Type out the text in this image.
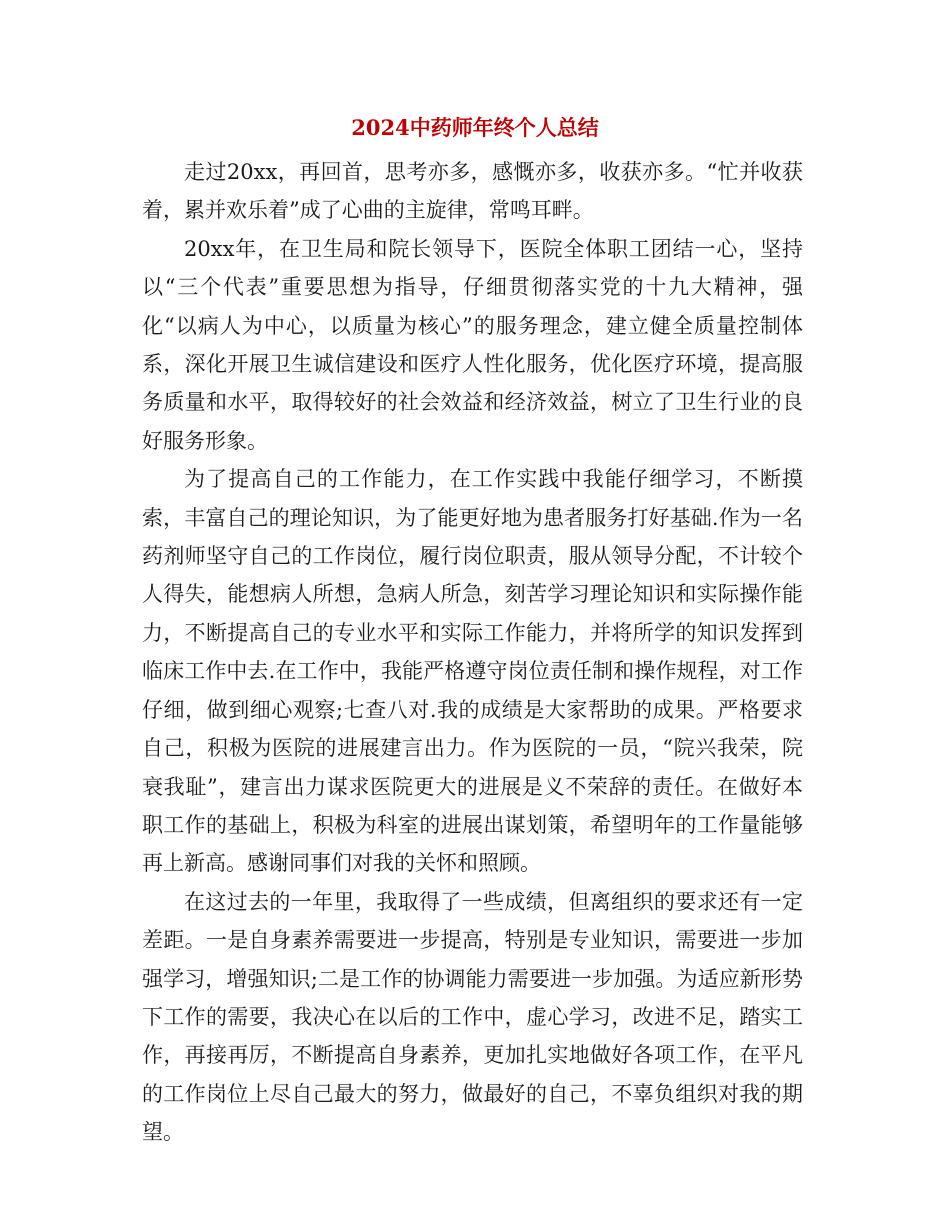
2024中药师年终个人总结

走过20xx，再回首，思考亦多，感慨亦多，收获亦多。“忙并收获着，累并欢乐着”成了心曲的主旋律，常鸣耳畔。

20xx年，在卫生局和院长领导下，医院全体职工团结一心，坚持以“三个代表”重要思想为指导，仔细贯彻落实党的十九大精神，强化“以病人为中心，以质量为核心”的服务理念，建立健全质量控制体系，深化开展卫生诚信建设和医疗人性化服务，优化医疗环境，提高服务质量和水平，取得较好的社会效益和经济效益，树立了卫生行业的良好服务形象。

为了提高自己的工作能力，在工作实践中我能仔细学习，不断摸索，丰富自己的理论知识，为了能更好地为患者服务打好基础.作为一名药剂师坚守自己的工作岗位，履行岗位职责，服从领导分配，不计较个人得失，能想病人所想，急病人所急，刻苦学习理论知识和实际操作能力，不断提高自己的专业水平和实际工作能力，并将所学的知识发挥到临床工作中去.在工作中，我能严格遵守岗位责任制和操作规程，对工作仔细，做到细心观察;七查八对.我的成绩是大家帮助的成果。严格要求自己，积极为医院的进展建言出力。作为医院的一员，“院兴我荣，院衰我耻”，建言出力谋求医院更大的进展是义不荣辞的责任。在做好本职工作的基础上，积极为科室的进展出谋划策，希望明年的工作量能够再上新高。感谢同事们对我的关怀和照顾。

在这过去的一年里，我取得了一些成绩，但离组织的要求还有一定差距。一是自身素养需要进一步提高，特别是专业知识，需要进一步加强学习，增强知识;二是工作的协调能力需要进一步加强。为适应新形势下工作的需要，我决心在以后的工作中，虚心学习，改进不足，踏实工作，再接再厉，不断提高自身素养，更加扎实地做好各项工作，在平凡的工作岗位上尽自己最大的努力，做最好的自己，不辜负组织对我的期望。
